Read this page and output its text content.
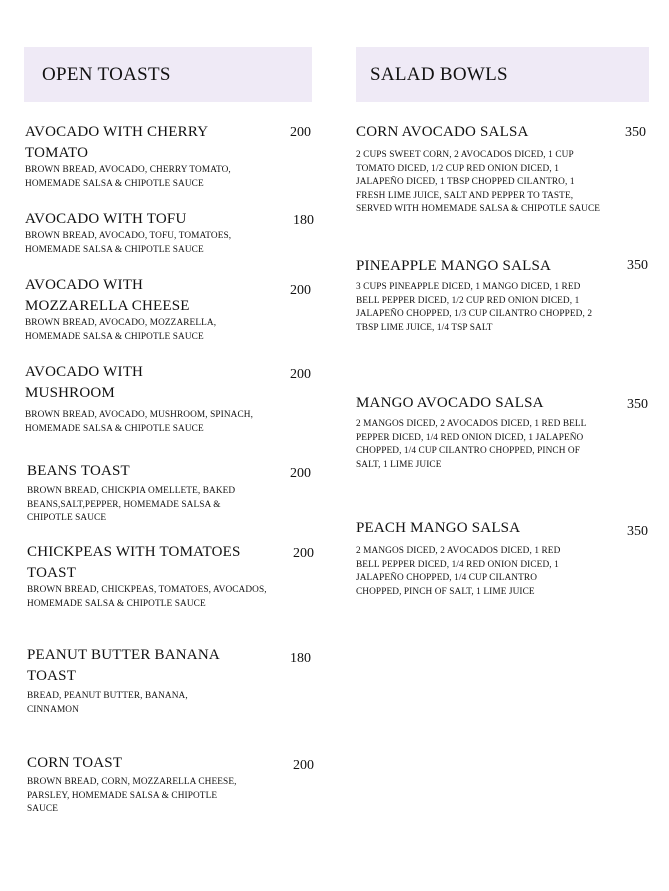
OPEN TOASTS	SALAD BOWLS
AVOCADO WITH CHERRY TOMATO
BROWN BREAD, AVOCADO, CHERRY TOMATO, HOMEMADE SALSA & CHIPOTLE SAUCE
200
AVOCADO WITH TOFU
BROWN BREAD, AVOCADO, TOFU, TOMATOES, HOMEMADE SALSA & CHIPOTLE SAUCE
180
AVOCADO WITH MOZZARELLA CHEESE
BROWN BREAD, AVOCADO, MOZZARELLA, HOMEMADE SALSA & CHIPOTLE SAUCE
200
AVOCADO WITH MUSHROOM
BROWN BREAD, AVOCADO, MUSHROOM, SPINACH, HOMEMADE SALSA & CHIPOTLE SAUCE
200
BEANS TOAST
BROWN BREAD, CHICKPIA OMELLETE, BAKED BEANS,SALT,PEPPER, HOMEMADE SALSA & CHIPOTLE SAUCE
200
CHICKPEAS WITH TOMATOES TOAST
BROWN BREAD, CHICKPEAS, TOMATOES, AVOCADOS, HOMEMADE SALSA & CHIPOTLE SAUCE
200
PEANUT BUTTER BANANA TOAST
BREAD, PEANUT BUTTER, BANANA, CINNAMON
180
CORN TOAST
BROWN BREAD, CORN, MOZZARELLA CHEESE, PARSLEY, HOMEMADE SALSA & CHIPOTLE SAUCE
200
CORN AVOCADO SALSA
2 CUPS SWEET CORN, 2 AVOCADOS DICED, 1 CUP TOMATO DICED, 1/2 CUP RED ONION DICED, 1 JALAPEÑO DICED, 1 TBSP CHOPPED CILANTRO, 1 FRESH LIME JUICE, SALT AND PEPPER TO TASTE, SERVED WITH HOMEMADE SALSA & CHIPOTLE SAUCE
350
PINEAPPLE MANGO SALSA
3 CUPS PINEAPPLE DICED, 1 MANGO DICED, 1 RED BELL PEPPER DICED, 1/2 CUP RED ONION DICED, 1 JALAPEÑO CHOPPED, 1/3 CUP CILANTRO CHOPPED, 2 TBSP LIME JUICE, 1/4 TSP SALT
350
MANGO AVOCADO SALSA
2 MANGOS DICED, 2 AVOCADOS DICED, 1 RED BELL PEPPER DICED, 1/4 RED ONION DICED, 1 JALAPEÑO CHOPPED, 1/4 CUP CILANTRO CHOPPED, PINCH OF SALT, 1 LIME JUICE
350
PEACH MANGO SALSA
2 MANGOS DICED, 2 AVOCADOS DICED, 1 RED BELL PEPPER DICED, 1/4 RED ONION DICED, 1 JALAPEÑO CHOPPED, 1/4 CUP CILANTRO CHOPPED, PINCH OF SALT, 1 LIME JUICE
350
